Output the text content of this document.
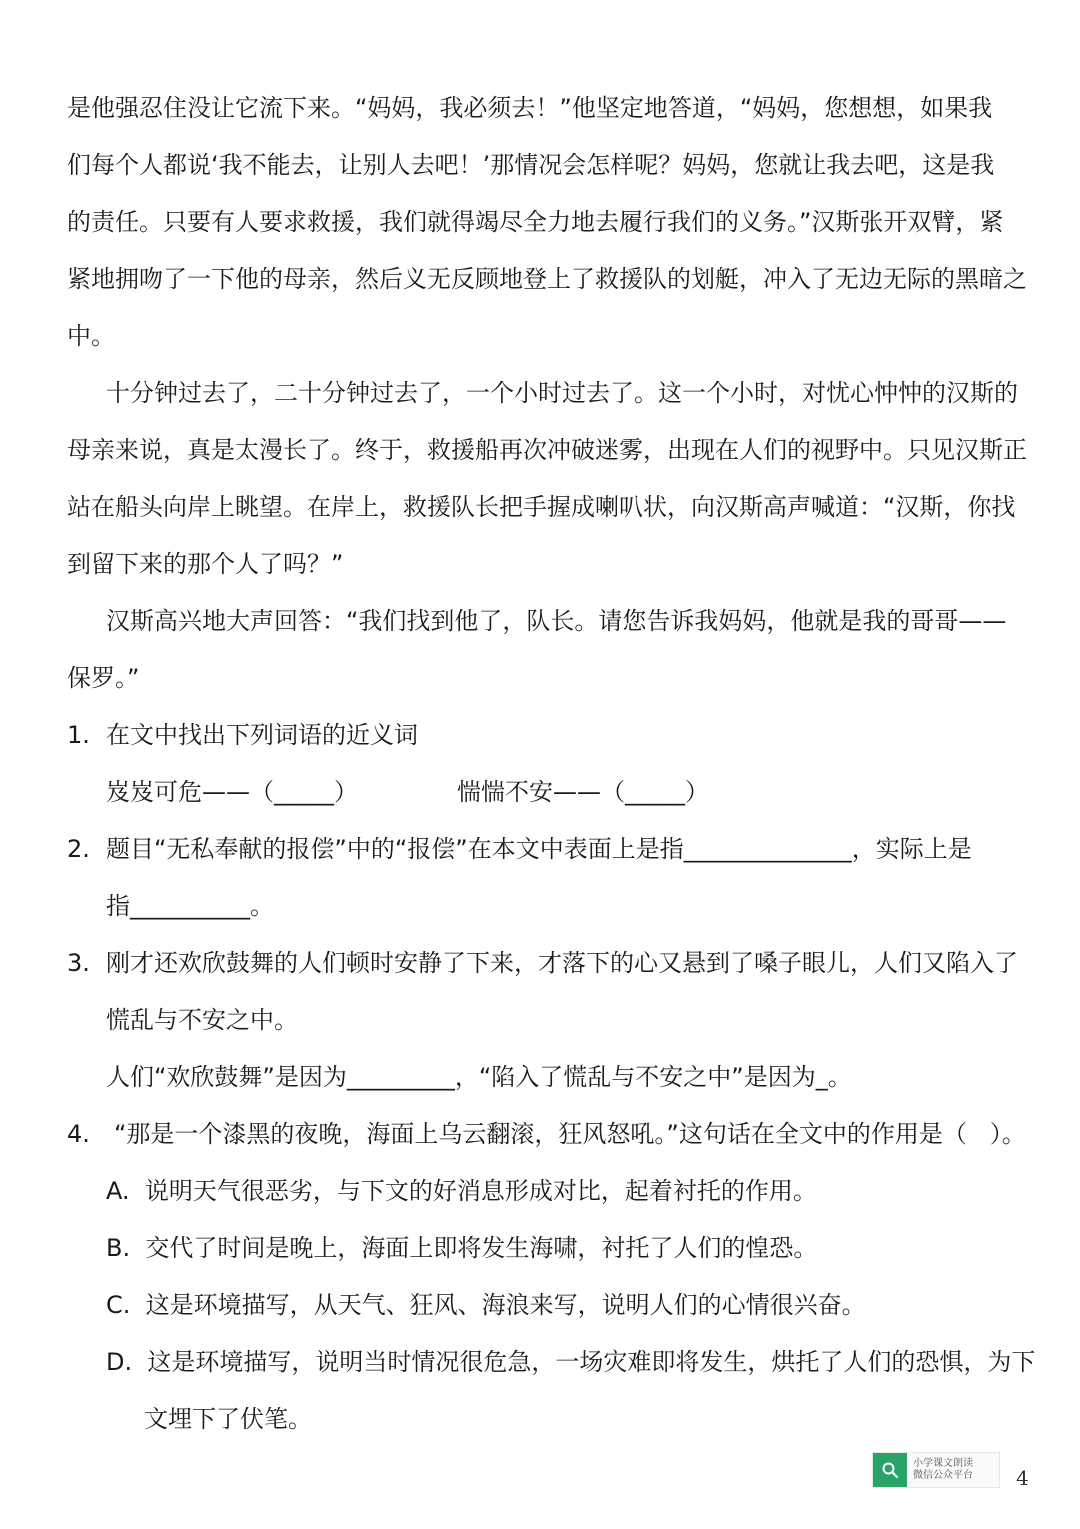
是他强忍住没让它流下来。“妈妈，我必须去！”他坚定地答道，“妈妈，您想想，如果我
们每个人都说‘我不能去，让别人去吧！’那情况会怎样呢？妈妈，您就让我去吧，这是我
的责任。只要有人要求救援，我们就得竭尽全力地去履行我们的义务。”汉斯张开双臂，紧
紧地拥吻了一下他的母亲，然后义无反顾地登上了救援队的划艇，冲入了无边无际的黑暗之
中。
十分钟过去了，二十分钟过去了，一个小时过去了。这一个小时，对忧心忡忡的汉斯的
母亲来说，真是太漫长了。终于，救援船再次冲破迷雾，出现在人们的视野中。只见汉斯正
站在船头向岸上眺望。在岸上，救援队长把手握成喇叭状，向汉斯高声喊道：“汉斯，你找
到留下来的那个人了吗？”
汉斯高兴地大声回答：“我们找到他了，队长。请您告诉我妈妈，他就是我的哥哥——
保罗。”
1. 在文中找出下列词语的近义词
岌岌可危——（_____）	惴惴不安——（_____）
2. 题目“无私奉献的报偿”中的“报偿”在本文中表面上是指______________，实际上是
指__________。
3. 刚才还欢欣鼓舞的人们顿时安静了下来，才落下的心又悬到了嗓子眼儿，人们又陷入了
慌乱与不安之中。
人们“欢欣鼓舞”是因为_________，“陷入了慌乱与不安之中”是因为_。
4. “那是一个漆黑的夜晚，海面上乌云翻滚，狂风怒吼。”这句话在全文中的作用是（   ）。
A.  说明天气很恶劣，与下文的好消息形成对比，起着衬托的作用。
B.  交代了时间是晚上，海面上即将发生海啸，衬托了人们的惶恐。
C.  这是环境描写，从天气、狂风、海浪来写，说明人们的心情很兴奋。
D.  这是环境描写，说明当时情况很危急，一场灾难即将发生，烘托了人们的恐惧，为下
文埋下了伏笔。
小学课文朗读
微信公众平台 4
